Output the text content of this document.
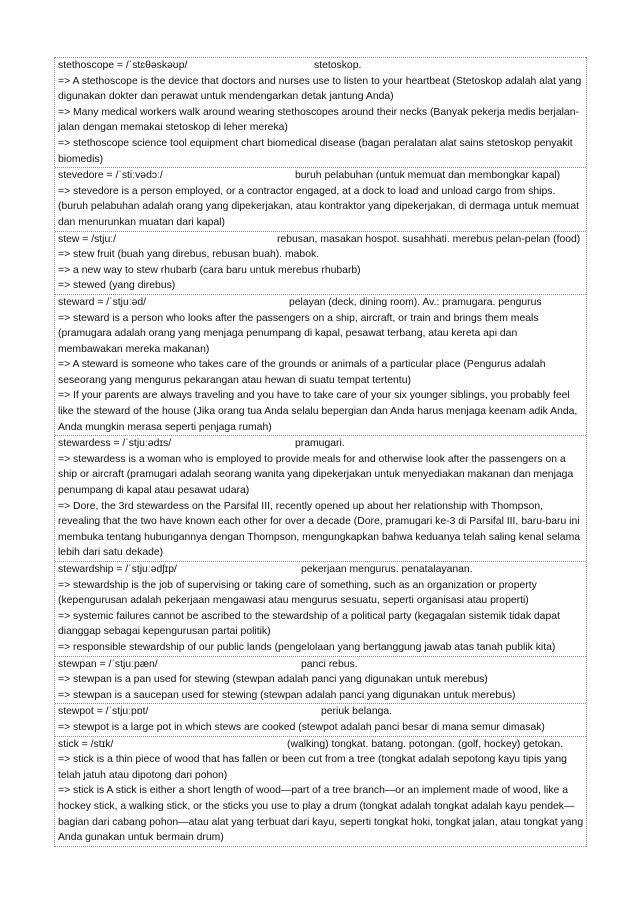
stethoscope = /ˈstɛθəskəʊp/	stetoskop.

=> A stethoscope is the device that doctors and nurses use to listen to your heartbeat (Stetoskop adalah alat yang digunakan dokter dan perawat untuk mendengarkan detak jantung Anda)

=> Many medical workers walk around wearing stethoscopes around their necks (Banyak pekerja medis berjalan-jalan dengan memakai stetoskop di leher mereka)

=> stethoscope science tool equipment chart biomedical disease (bagan peralatan alat sains stetoskop penyakit biomedis)

stevedore = /ˈstiːvədɔː/	buruh pelabuhan (untuk memuat dan membongkar kapal)

=> stevedore is a person employed, or a contractor engaged, at a dock to load and unload cargo from ships. (buruh pelabuhan adalah orang yang dipekerjakan, atau kontraktor yang dipekerjakan, di dermaga untuk memuat dan menurunkan muatan dari kapal)

stew = /stjuː/	rebusan, masakan hospot. susahhati. merebus pelan-pelan (food)

=> stew fruit (buah yang direbus, rebusan buah). mabok.

=> a new way to stew rhubarb (cara baru untuk merebus rhubarb)

=> stewed (yang direbus)

steward = /ˈstjuːəd/	pelayan (deck, dining room). Av.: pramugara. pengurus

=> steward is a person who looks after the passengers on a ship, aircraft, or train and brings them meals (pramugara adalah orang yang menjaga penumpang di kapal, pesawat terbang, atau kereta api dan membawakan mereka makanan)

=> A steward is someone who takes care of the grounds or animals of a particular place (Pengurus adalah seseorang yang mengurus pekarangan atau hewan di suatu tempat tertentu)

=> If your parents are always traveling and you have to take care of your six younger siblings, you probably feel like the steward of the house (Jika orang tua Anda selalu bepergian dan Anda harus menjaga keenam adik Anda, Anda mungkin merasa seperti penjaga rumah)

stewardess = /ˈstjuːədɪs/	pramugari.

=> stewardess is a woman who is employed to provide meals for and otherwise look after the passengers on a ship or aircraft (pramugari adalah seorang wanita yang dipekerjakan untuk menyediakan makanan dan menjaga penumpang di kapal atau pesawat udara)

=> Dore, the 3rd stewardess on the Parsifal III, recently opened up about her relationship with Thompson, revealing that the two have known each other for over a decade (Dore, pramugari ke-3 di Parsifal III, baru-baru ini membuka tentang hubungannya dengan Thompson, mengungkapkan bahwa keduanya telah saling kenal selama lebih dari satu dekade)

stewardship = /ˈstjuːədʃɪp/	pekerjaan mengurus. penatalayanan.

=> stewardship is the job of supervising or taking care of something, such as an organization or property (kepengurusan adalah pekerjaan mengawasi atau mengurus sesuatu, seperti organisasi atau properti)

=> systemic failures cannot be ascribed to the stewardship of a political party (kegagalan sistemik tidak dapat dianggap sebagai kepengurusan partai politik)

=> responsible stewardship of our public lands (pengelolaan yang bertanggung jawab atas tanah publik kita)

stewpan = /ˈstjuːpæn/	panci rebus.

=> stewpan is a pan used for stewing (stewpan adalah panci yang digunakan untuk merebus)

=> stewpan is a saucepan used for stewing (stewpan adalah panci yang digunakan untuk merebus)

stewpot = /ˈstjuːpɒt/	periuk belanga.

=> stewpot is a large pot in which stews are cooked (stewpot adalah panci besar di mana semur dimasak)

stick = /stɪk/	(walking) tongkat. batang. potongan. (golf, hockey) getokan.

=> stick is a thin piece of wood that has fallen or been cut from a tree (tongkat adalah sepotong kayu tipis yang telah jatuh atau dipotong dari pohon)

=> stick is A stick is either a short length of wood—part of a tree branch—or an implement made of wood, like a hockey stick, a walking stick, or the sticks you use to play a drum (tongkat adalah tongkat adalah kayu pendek—bagian dari cabang pohon—atau alat yang terbuat dari kayu, seperti tongkat hoki, tongkat jalan, atau tongkat yang Anda gunakan untuk bermain drum)
